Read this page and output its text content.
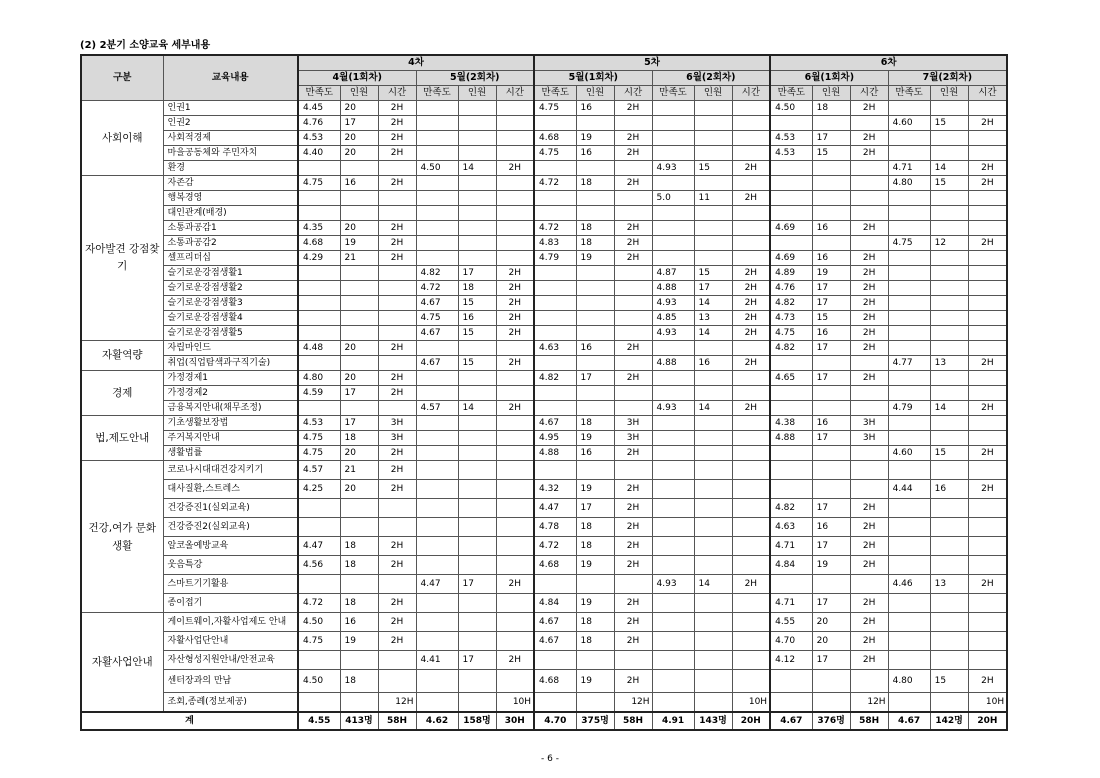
(2) 2분기 소양교육 세부내용
구분	교육내용	4차						5차						6차					
		4월(1회차)			5월(2회차)			5월(1회차)			6월(2회차)			6월(1회차)			7월(2회차)		
		만족도	인원	시간	만족도	인원	시간	만족도	인원	시간	만족도	인원	시간	만족도	인원	시간	만족도	인원	시간
사회이해	인권1	4.45	20	2H				4.75	16	2H				4.50	18	2H			
	인권2	4.76	17	2H													4.60	15	2H
	사회적경제	4.53	20	2H				4.68	19	2H				4.53	17	2H			
	마을공동체와 주민자치	4.40	20	2H				4.75	16	2H				4.53	15	2H			
	환경				4.50	14	2H				4.93	15	2H				4.71	14	2H
자아발견 강점찾기	자존감	4.75	16	2H				4.72	18	2H							4.80	15	2H
	행복경영										5.0	11	2H						
	대인관계(배경)																		
	소통과공감1	4.35	20	2H				4.72	18	2H				4.69	16	2H			
	소통과공감2	4.68	19	2H				4.83	18	2H							4.75	12	2H
	셀프리더십	4.29	21	2H				4.79	19	2H				4.69	16	2H			
	슬기로운강점생활1				4.82	17	2H				4.87	15	2H	4.89	19	2H			
	슬기로운강점생활2				4.72	18	2H				4.88	17	2H	4.76	17	2H			
	슬기로운강점생활3				4.67	15	2H				4.93	14	2H	4.82	17	2H			
	슬기로운강점생활4				4.75	16	2H				4.85	13	2H	4.73	15	2H			
	슬기로운강점생활5				4.67	15	2H				4.93	14	2H	4.75	16	2H			
자활역량	자립마인드	4.48	20	2H				4.63	16	2H				4.82	17	2H			
	취업(직업탐색과구직기술)				4.67	15	2H				4.88	16	2H				4.77	13	2H
경제	가정경제1	4.80	20	2H				4.82	17	2H				4.65	17	2H			
	가정경제2	4.59	17	2H															
	금융복지안내(채무조정)				4.57	14	2H				4.93	14	2H				4.79	14	2H
법,제도안내	기초생활보장법	4.53	17	3H				4.67	18	3H				4.38	16	3H			
	주거복지안내	4.75	18	3H				4.95	19	3H				4.88	17	3H			
	생활법률	4.75	20	2H				4.88	16	2H							4.60	15	2H
건강,여가 문화생활	코로나시대대건강지키기	4.57	21	2H															
	대사질환,스트레스	4.25	20	2H				4.32	19	2H							4.44	16	2H
	건강증진1(실외교육)							4.47	17	2H				4.82	17	2H			
	건강증진2(실외교육)							4.78	18	2H				4.63	16	2H			
	알코올예방교육	4.47	18	2H				4.72	18	2H				4.71	17	2H			
	웃음특강	4.56	18	2H				4.68	19	2H				4.84	19	2H			
	스마트기기활용				4.47	17	2H				4.93	14	2H				4.46	13	2H
	종이접기	4.72	18	2H				4.84	19	2H				4.71	17	2H			
자활사업안내	게이트웨이,자활사업제도 안내	4.50	16	2H				4.67	18	2H				4.55	20	2H			
	자활사업단안내	4.75	19	2H				4.67	18	2H				4.70	20	2H			
	자산형성지원안내/안전교육				4.41	17	2H							4.12	17	2H			
	센터장과의 만남	4.50	18					4.68	19	2H							4.80	15	2H
	조회,종례(정보제공)			12H			10H			12H			10H			12H			10H
계		4.55	413명	58H	4.62	158명	30H	4.70	375명	58H	4.91	143명	20H	4.67	376명	58H	4.67	142명	20H
- 6 -
